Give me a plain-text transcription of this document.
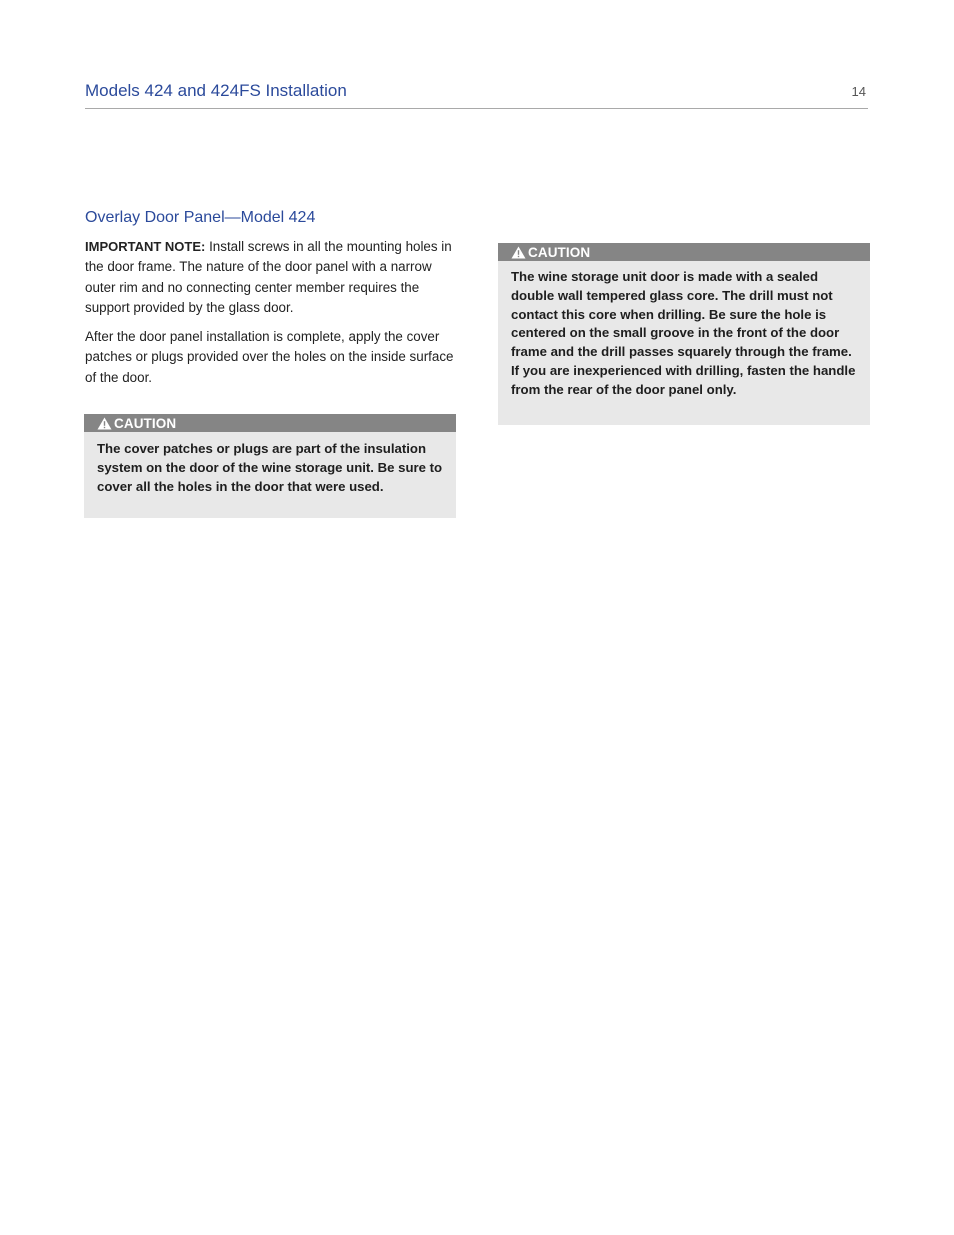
Models 424 and 424FS Installation	14
Overlay Door Panel—Model 424

IMPORTANT NOTE: Install screws in all the mounting holes in the door frame. The nature of the door panel with a narrow outer rim and no connecting center member requires the support provided by the glass door.

After the door panel installation is complete, apply the cover patches or plugs provided over the holes on the inside surface of the door.

CAUTION

The cover patches or plugs are part of the insulation system on the door of the wine storage unit. Be sure to cover all the holes in the door that were used.

CAUTION

The wine storage unit door is made with a sealed double wall tempered glass core. The drill must not contact this core when drilling. Be sure the hole is centered on the small groove in the front of the door frame and the drill passes squarely through the frame. If you are inexperienced with drilling, fasten the handle from the rear of the door panel only.
